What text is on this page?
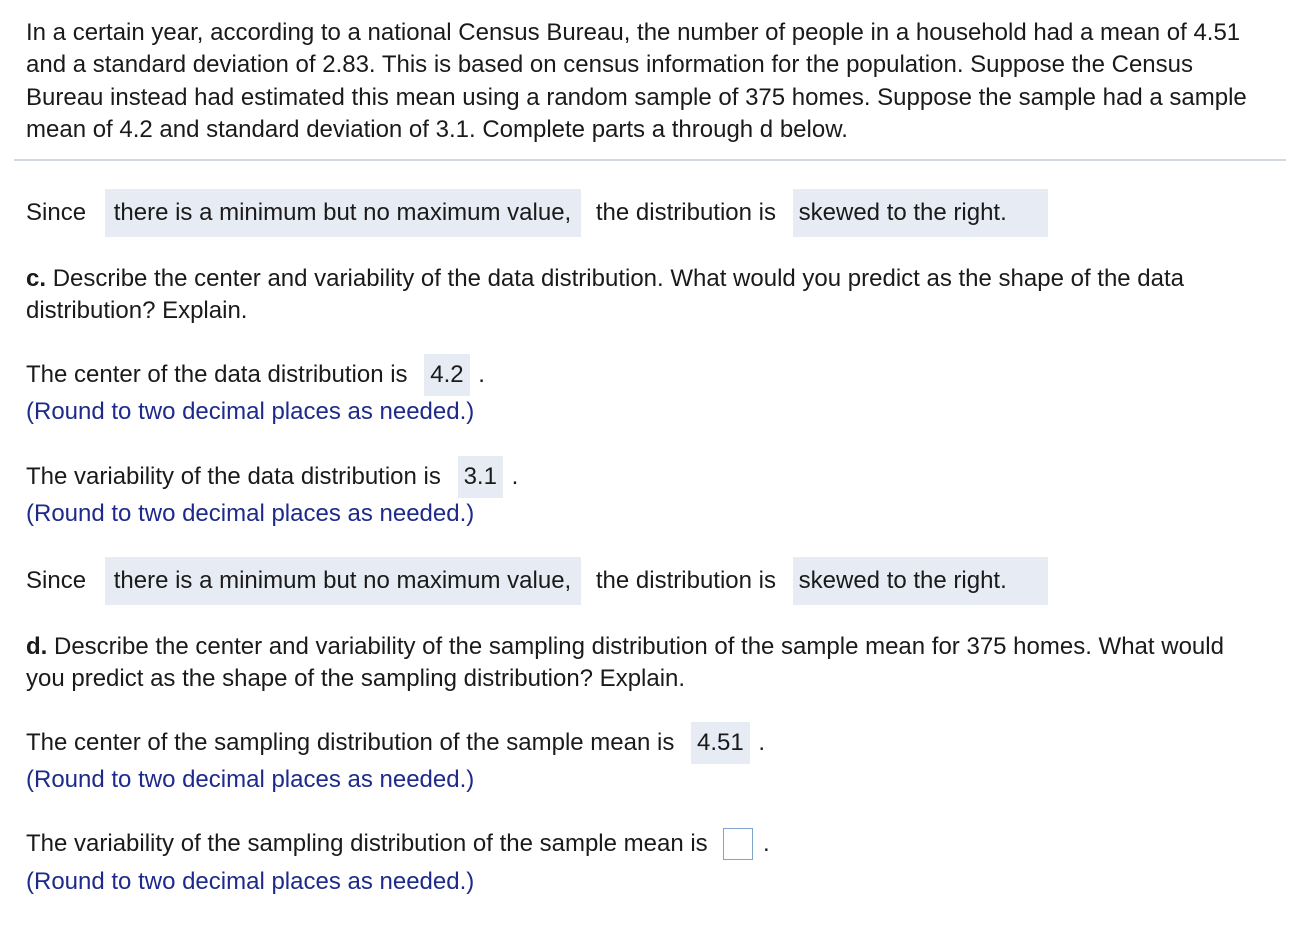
In a certain year, according to a national Census Bureau, the number of people in a household had a mean of 4.51 and a standard deviation of 2.83. This is based on census information for the population. Suppose the Census Bureau instead had estimated this mean using a random sample of 375 homes. Suppose the sample had a sample mean of 4.2 and standard deviation of 3.1. Complete parts a through d below.

Since there is a minimum but no maximum value, the distribution is skewed to the right.

c. Describe the center and variability of the data distribution. What would you predict as the shape of the data distribution? Explain.

The center of the data distribution is 4.2 .
(Round to two decimal places as needed.)
The variability of the data distribution is 3.1 .
(Round to two decimal places as needed.)
Since there is a minimum but no maximum value, the distribution is skewed to the right.

d. Describe the center and variability of the sampling distribution of the sample mean for 375 homes. What would you predict as the shape of the sampling distribution? Explain.

The center of the sampling distribution of the sample mean is 4.51 .
(Round to two decimal places as needed.)
The variability of the sampling distribution of the sample mean is .
(Round to two decimal places as needed.)
